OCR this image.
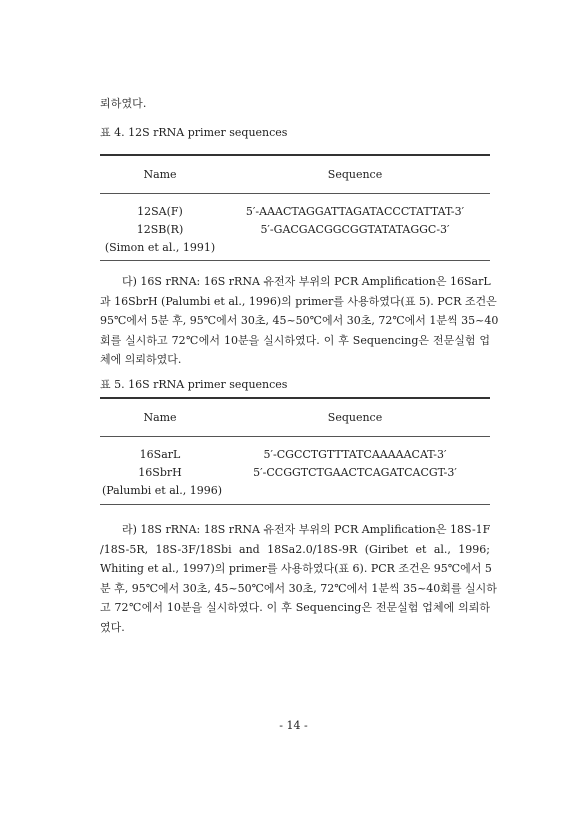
뢰하였다.
표 4. 12S rRNA primer sequences
Name	Sequence
12SA(F)	5′-AAACTAGGATTAGATACCCTATTAT-3′
12SB(R)	5′-GACGACGGCGGTATATAGGC-3′
(Simon et al., 1991)
다) 16S rRNA: 16S rRNA 유전자 부위의 PCR Amplification은 16SarL
과 16SbrH (Palumbi et al., 1996)의 primer를 사용하였다(표 5). PCR 조건은
95℃에서 5분 후, 95℃에서 30초, 45~50℃에서 30초, 72℃에서 1분씩 35~40
회를 실시하고 72℃에서 10분을 실시하였다. 이 후 Sequencing은 전문실험 업
체에 의뢰하였다.
표 5. 16S rRNA primer sequences
Name	Sequence
16SarL	5′-CGCCTGTTTATCAAAAACAT-3′
16SbrH	5′-CCGGTCTGAACTCAGATCACGT-3′
(Palumbi et al., 1996)
라) 18S rRNA: 18S rRNA 유전자 부위의 PCR Amplification은 18S-1F
/18S-5R, 18S-3F/18Sbi and 18Sa2.0/18S-9R (Giribet et al., 1996;
Whiting et al., 1997)의 primer를 사용하였다(표 6). PCR 조건은 95℃에서 5
분 후, 95℃에서 30초, 45~50℃에서 30초, 72℃에서 1분씩 35~40회를 실시하
고 72℃에서 10분을 실시하였다. 이 후 Sequencing은 전문실험 업체에 의뢰하
였다.
- 14 -
